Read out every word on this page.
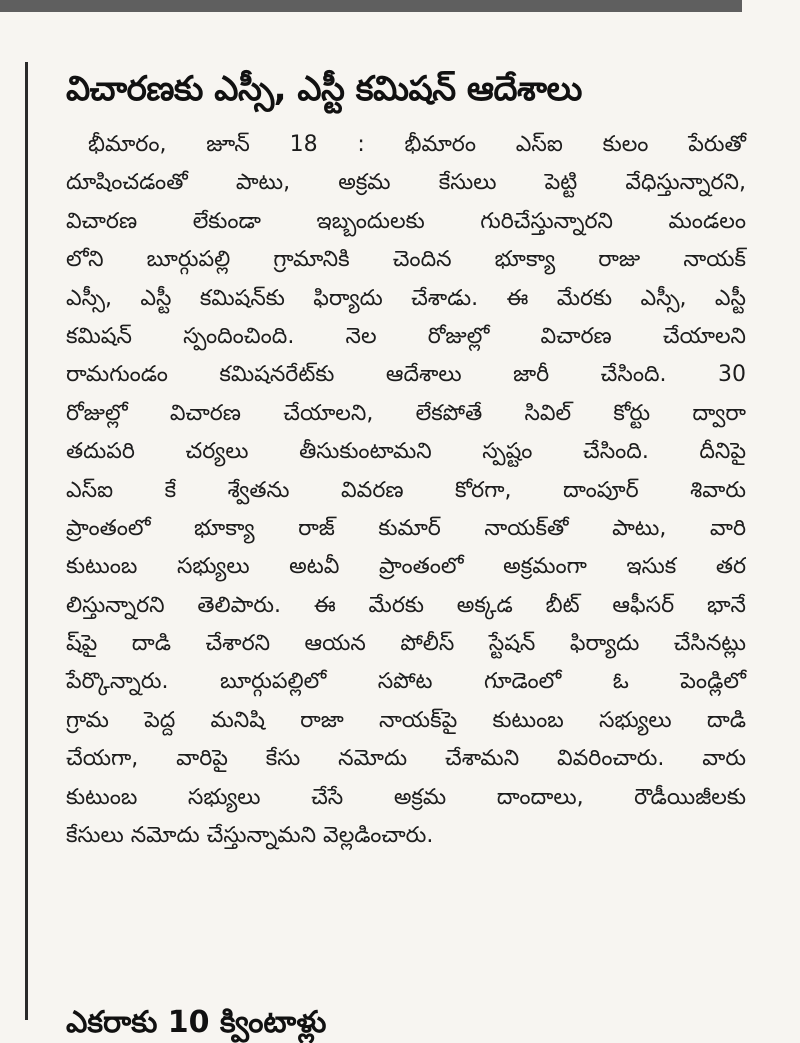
విచారణకు ఎస్సీ, ఎస్టీ కమిషన్ ఆదేశాలు
భీమారం, జూన్ 18 : భీమారం ఎస్ఐ కులం పేరుతో
దూషించడంతో పాటు, అక్రమ కేసులు పెట్టి వేధిస్తున్నారని,
విచారణ లేకుండా ఇబ్బందులకు గురిచేస్తున్నారని మండలం
లోని బూర్గుపల్లి గ్రామానికి చెందిన భూక్యా రాజు నాయక్
ఎస్సీ, ఎస్టీ కమిషన్‌కు ఫిర్యాదు చేశాడు. ఈ మేరకు ఎస్సీ, ఎస్టీ
కమిషన్ స్పందించింది. నెల రోజుల్లో విచారణ చేయాలని
రామగుండం కమిషనరేట్‌కు ఆదేశాలు జారీ చేసింది. 30
రోజుల్లో విచారణ చేయాలని, లేకపోతే సివిల్ కోర్టు ద్వారా
తదుపరి చర్యలు తీసుకుంటామని స్పష్టం చేసింది. దీనిపై
ఎస్ఐ కే శ్వేతను వివరణ కోరగా, దాంపూర్ శివారు
ప్రాంతంలో భూక్యా రాజ్ కుమార్ నాయక్‌తో పాటు, వారి
కుటుంబ సభ్యులు అటవీ ప్రాంతంలో అక్రమంగా ఇసుక తర
లిస్తున్నారని తెలిపారు. ఈ మేరకు అక్కడ బీట్ ఆఫీసర్ భానే
ష్‌పై దాడి చేశారని ఆయన పోలీస్ స్టేషన్ ఫిర్యాదు చేసినట్లు
పేర్కొన్నారు. బూర్గుపల్లిలో సపోట గూడెంలో ఓ పెండ్లిలో
గ్రామ పెద్ద మనిషి రాజా నాయక్‌పై కుటుంబ సభ్యులు దాడి
చేయగా, వారిపై కేసు నమోదు చేశామని వివరించారు. వారు
కుటుంబ సభ్యులు చేసే అక్రమ దాందాలు, రౌడీయిజీలకు
కేసులు నమోదు చేస్తున్నామని వెల్లడించారు.
ఎకరాకు 10 క్వింటాళ్లు
